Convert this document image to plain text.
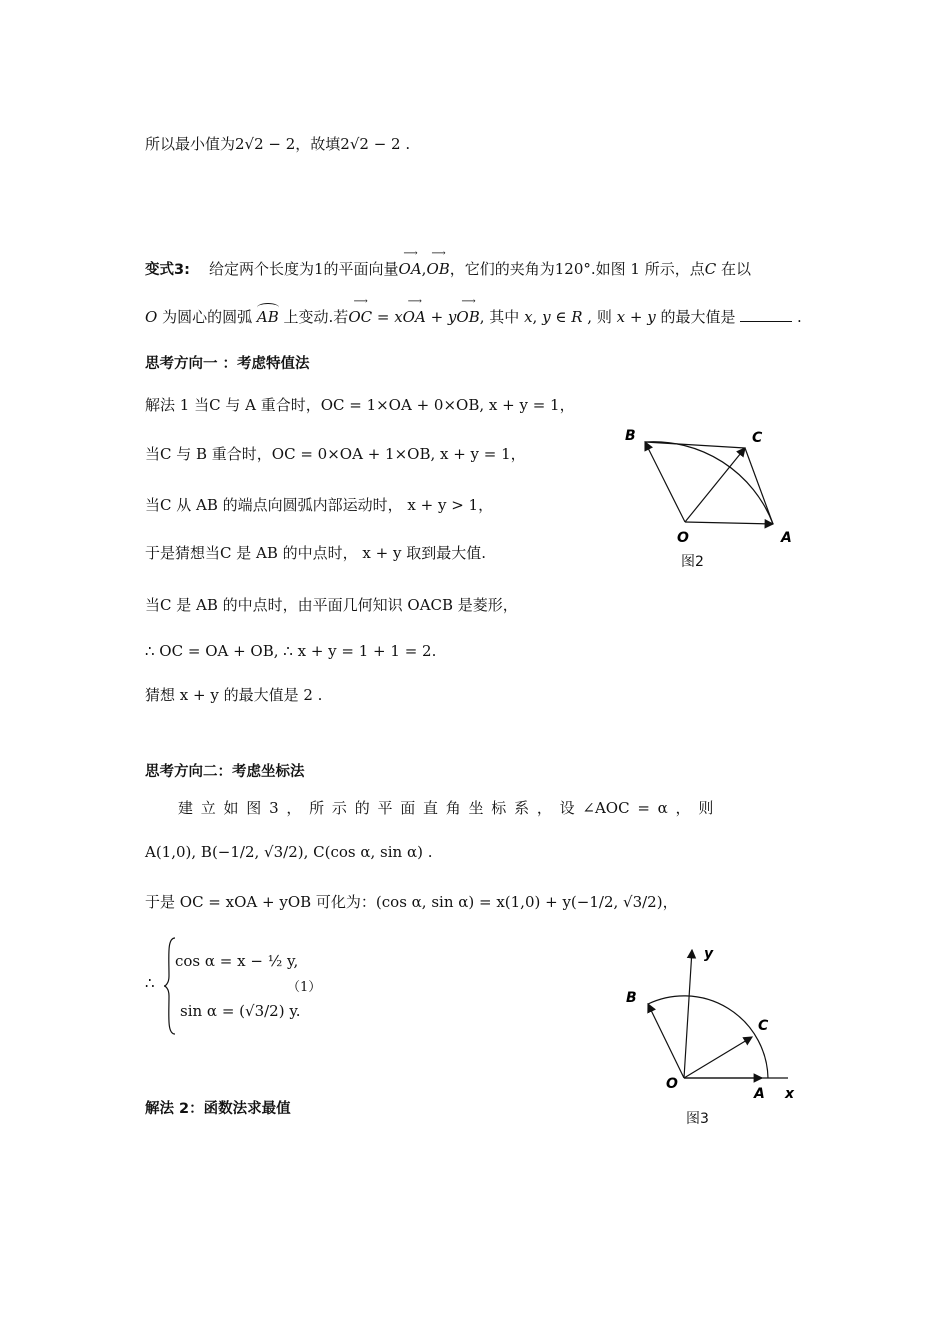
所以最小值为2√2 − 2，故填2√2 − 2 .
变式3: 给定两个长度为1的平面向量⟶ OA,⟶ OB，它们的夹角为120°.如图 1 所示，点C 在以
O 为圆心的圆弧 AB 上变动.若⟶ OC = x⟶ OA + y⟶ OB, 其中 x, y ∈ R , 则 x + y 的最大值是	.
思考方向一 ：考虑特值法
解法 1 当C 与 A 重合时，OC = 1×OA + 0×OB, x + y = 1，
当C 与 B 重合时，OC = 0×OA + 1×OB, x + y = 1，
当C 从 AB 的端点向圆弧内部运动时， x + y > 1，
于是猜想当C 是 AB 的中点时， x + y 取到最大值.
当C 是 AB 的中点时，由平面几何知识 OACB 是菱形，
∴ OC = OA + OB, ∴ x + y = 1 + 1 = 2.
猜想 x + y 的最大值是 2 .
B	C
O	A
图2
思考方向二：考虑坐标法
建 立 如 图 3 ， 所 示 的 平 面 直 角 坐 标 系 ， 设 ∠AOC = α ， 则
A(1,0), B(−1/2, √3/2), C(cos α, sin α) .
于是 OC = xOA + yOB 可化为：(cos α, sin α) = x(1,0) + y(−1/2, √3/2)，
∴
cos α = x − ½ y,
sin α = (√3/2) y.
（1）
y
B
C
O
A x
图3
解法 2：函数法求最值
